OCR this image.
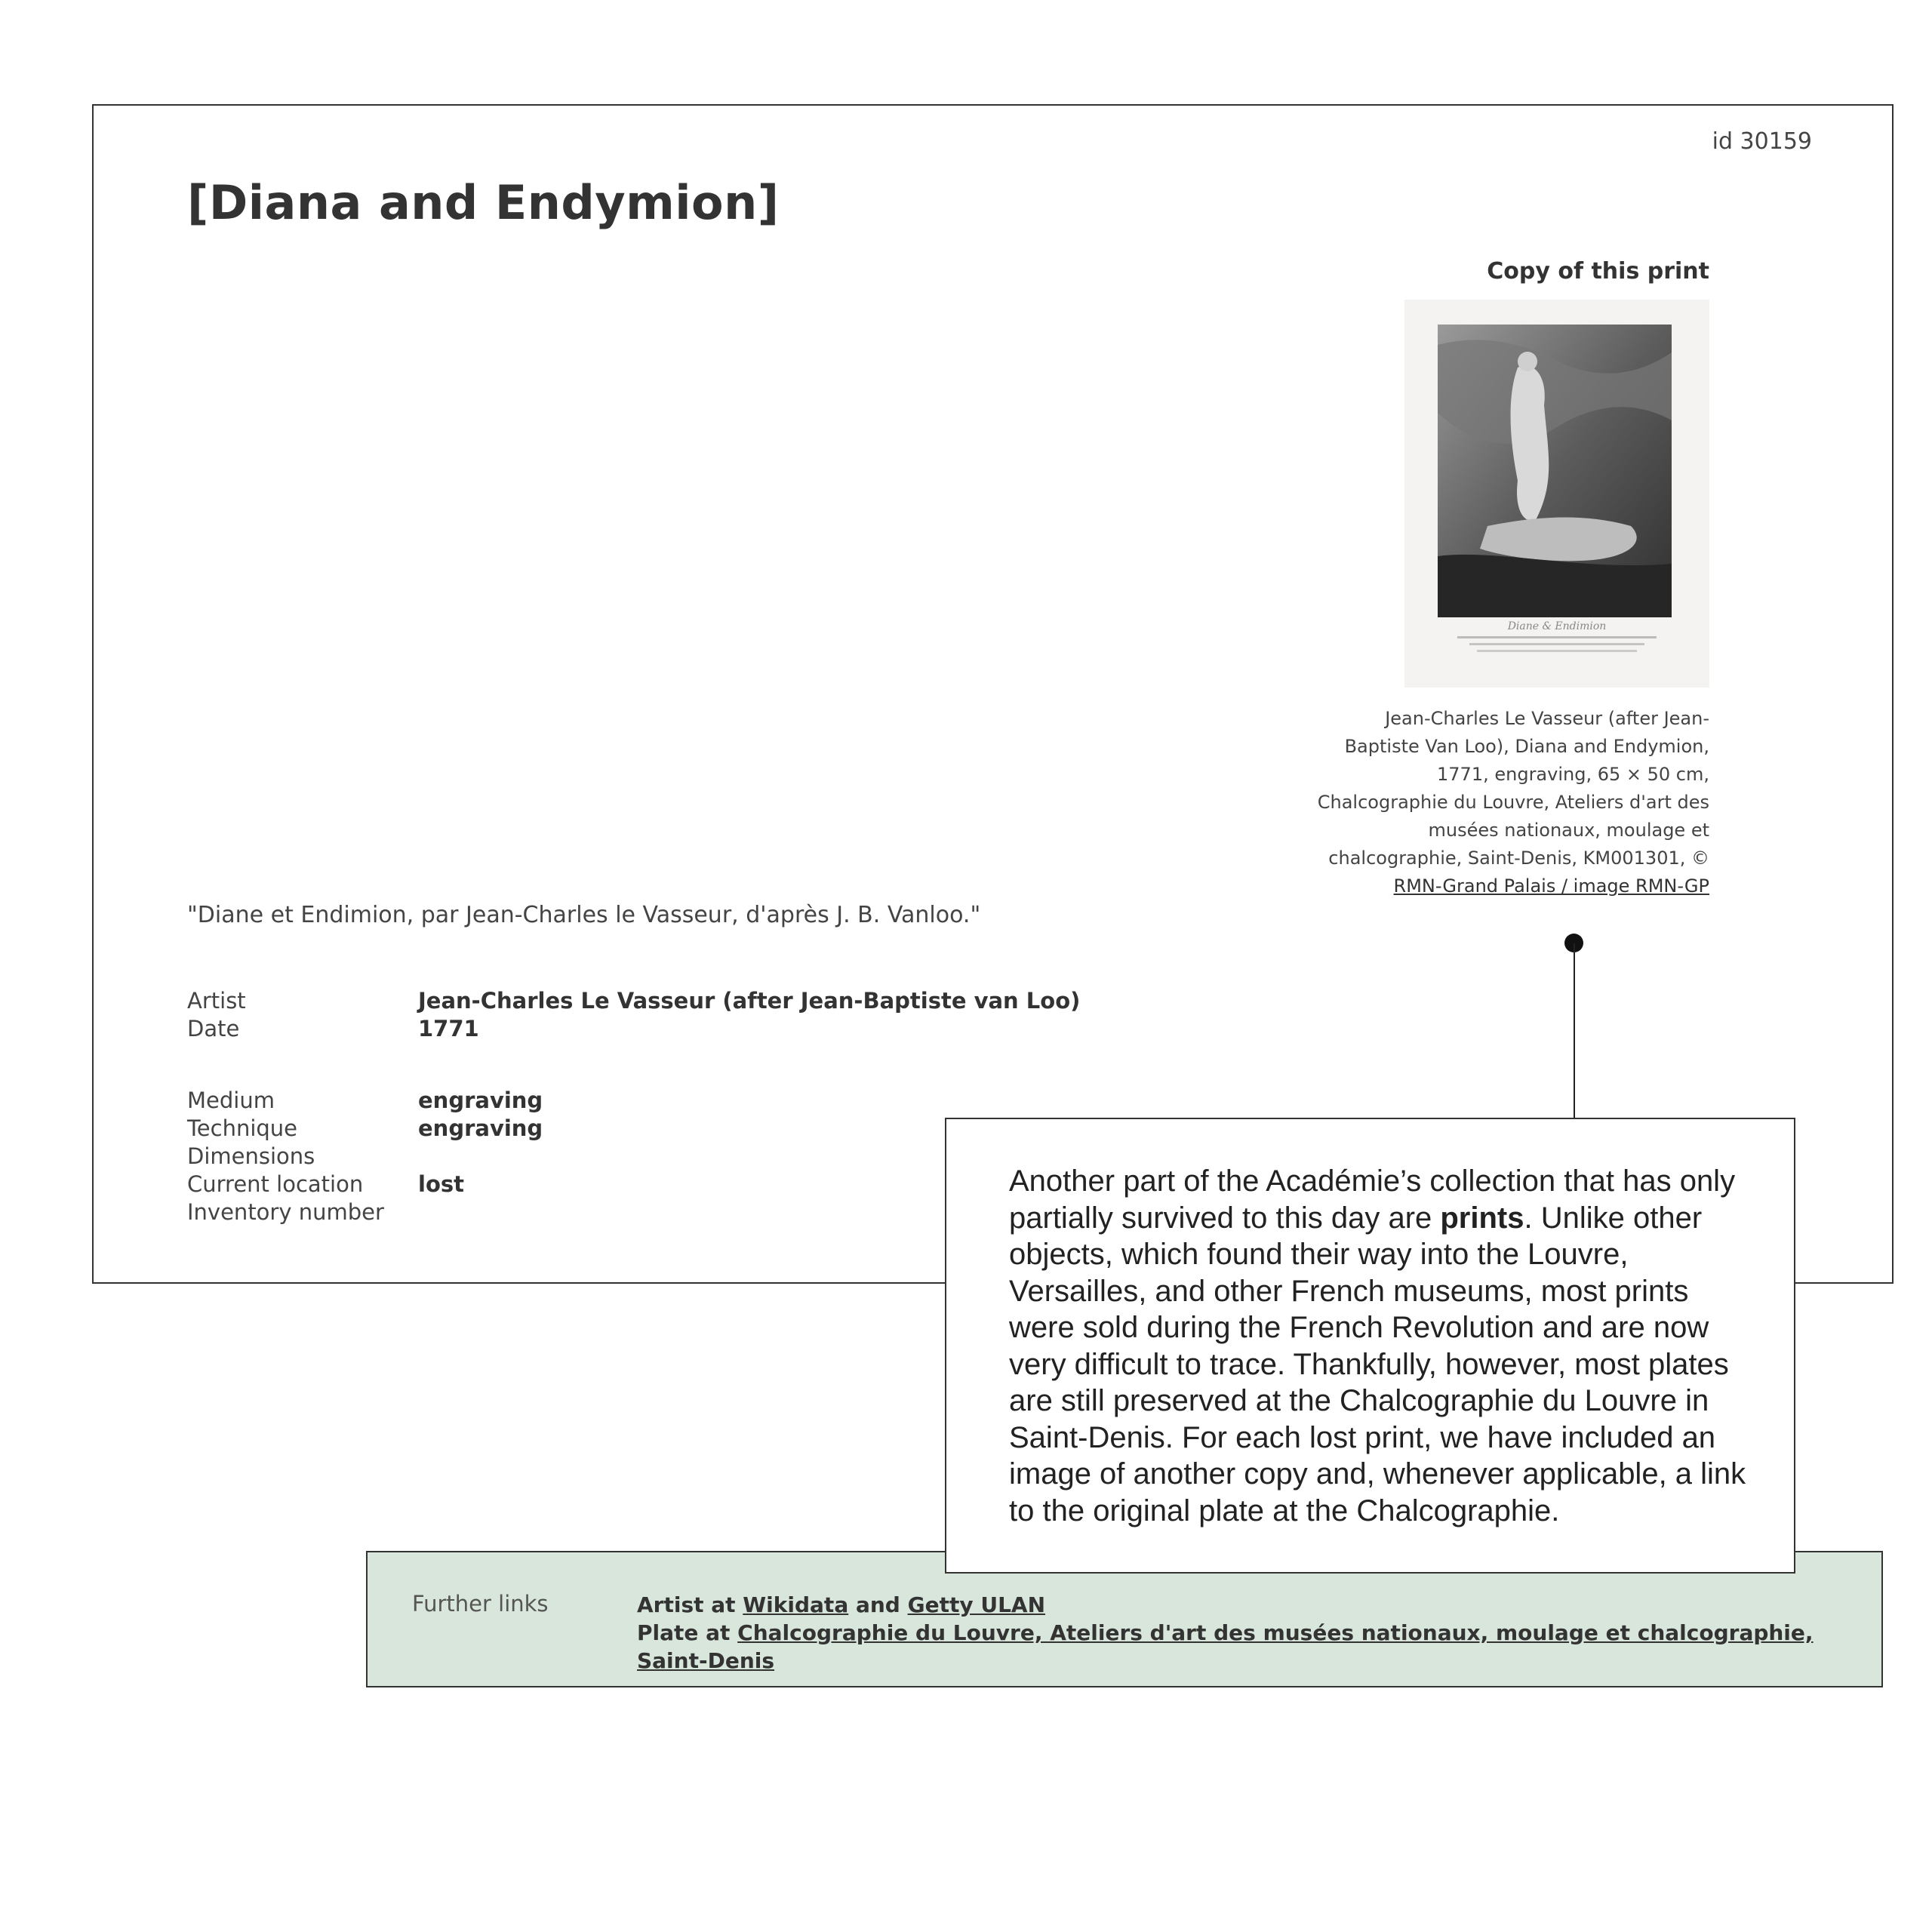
id 30159
[Diana and Endymion]
Copy of this print
Diane & Endimion
Jean-Charles Le Vasseur (after Jean-Baptiste Van Loo), Diana and Endymion, 1771, engraving, 65 × 50 cm, Chalcographie du Louvre, Ateliers d'art des musées nationaux, moulage et chalcographie, Saint-Denis, KM001301, © RMN-Grand Palais / image RMN-GP
"Diane et Endimion, par Jean-Charles le Vasseur, d'après J. B. Vanloo."
Artist	Jean-Charles Le Vasseur (after Jean-Baptiste van Loo)
Date	1771
Medium	engraving
Technique	engraving
Dimensions
Current location	lost
Inventory number
Further links	Artist at Wikidata and Getty ULAN
Plate at Chalcographie du Louvre, Ateliers d'art des musées nationaux, moulage et chalcographie, Saint-Denis

Another part of the Académie’s collection that has only partially survived to this day are prints. Unlike other objects, which found their way into the Louvre, Versailles, and other French museums, most prints were sold during the French Revolution and are now very difficult to trace. Thankfully, however, most plates are still preserved at the Chalcographie du Louvre in Saint-Denis. For each lost print, we have included an image of another copy and, whenever applicable, a link to the original plate at the Chalcographie.
